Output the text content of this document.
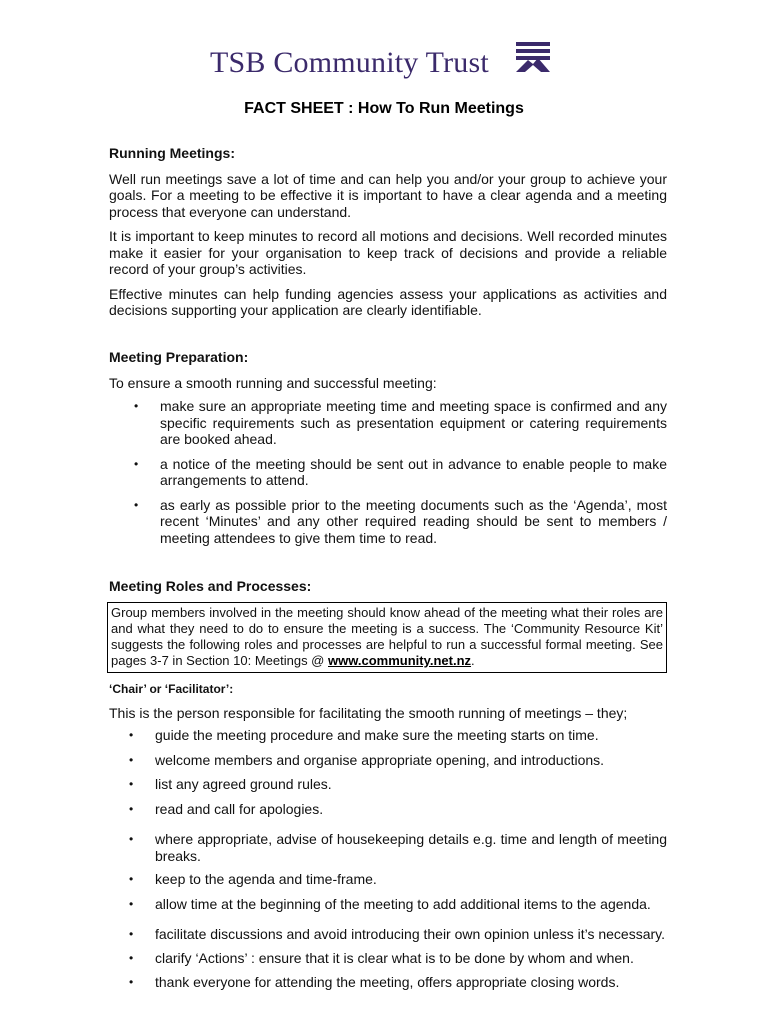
TSB Community Trust
FACT SHEET : How To Run Meetings
Running Meetings:
Well run meetings save a lot of time and can help you and/or your group to achieve your goals. For a meeting to be effective it is important to have a clear agenda and a meeting process that everyone can understand.
It is important to keep minutes to record all motions and decisions. Well recorded minutes make it easier for your organisation to keep track of decisions and provide a reliable record of your group’s activities.
Effective minutes can help funding agencies assess your applications as activities and decisions supporting your application are clearly identifiable.
Meeting Preparation:
To ensure a smooth running and successful meeting:
• make sure an appropriate meeting time and meeting space is confirmed and any specific requirements such as presentation equipment or catering requirements are booked ahead.
• a notice of the meeting should be sent out in advance to enable people to make arrangements to attend.
• as early as possible prior to the meeting documents such as the ‘Agenda’, most recent ‘Minutes’ and any other required reading should be sent to members / meeting attendees to give them time to read.
Meeting Roles and Processes:
Group members involved in the meeting should know ahead of the meeting what their roles are and what they need to do to ensure the meeting is a success. The ‘Community Resource Kit’ suggests the following roles and processes are helpful to run a successful formal meeting. See pages 3-7 in Section 10: Meetings @ www.community.net.nz.
‘Chair’ or ‘Facilitator’:
This is the person responsible for facilitating the smooth running of meetings – they;
• guide the meeting procedure and make sure the meeting starts on time.
• welcome members and organise appropriate opening, and introductions.
• list any agreed ground rules.
• read and call for apologies.
• where appropriate, advise of housekeeping details e.g. time and length of meeting breaks.
• keep to the agenda and time-frame.
• allow time at the beginning of the meeting to add additional items to the agenda.
• facilitate discussions and avoid introducing their own opinion unless it’s necessary.
• clarify ‘Actions’ : ensure that it is clear what is to be done by whom and when.
• thank everyone for attending the meeting, offers appropriate closing words.
